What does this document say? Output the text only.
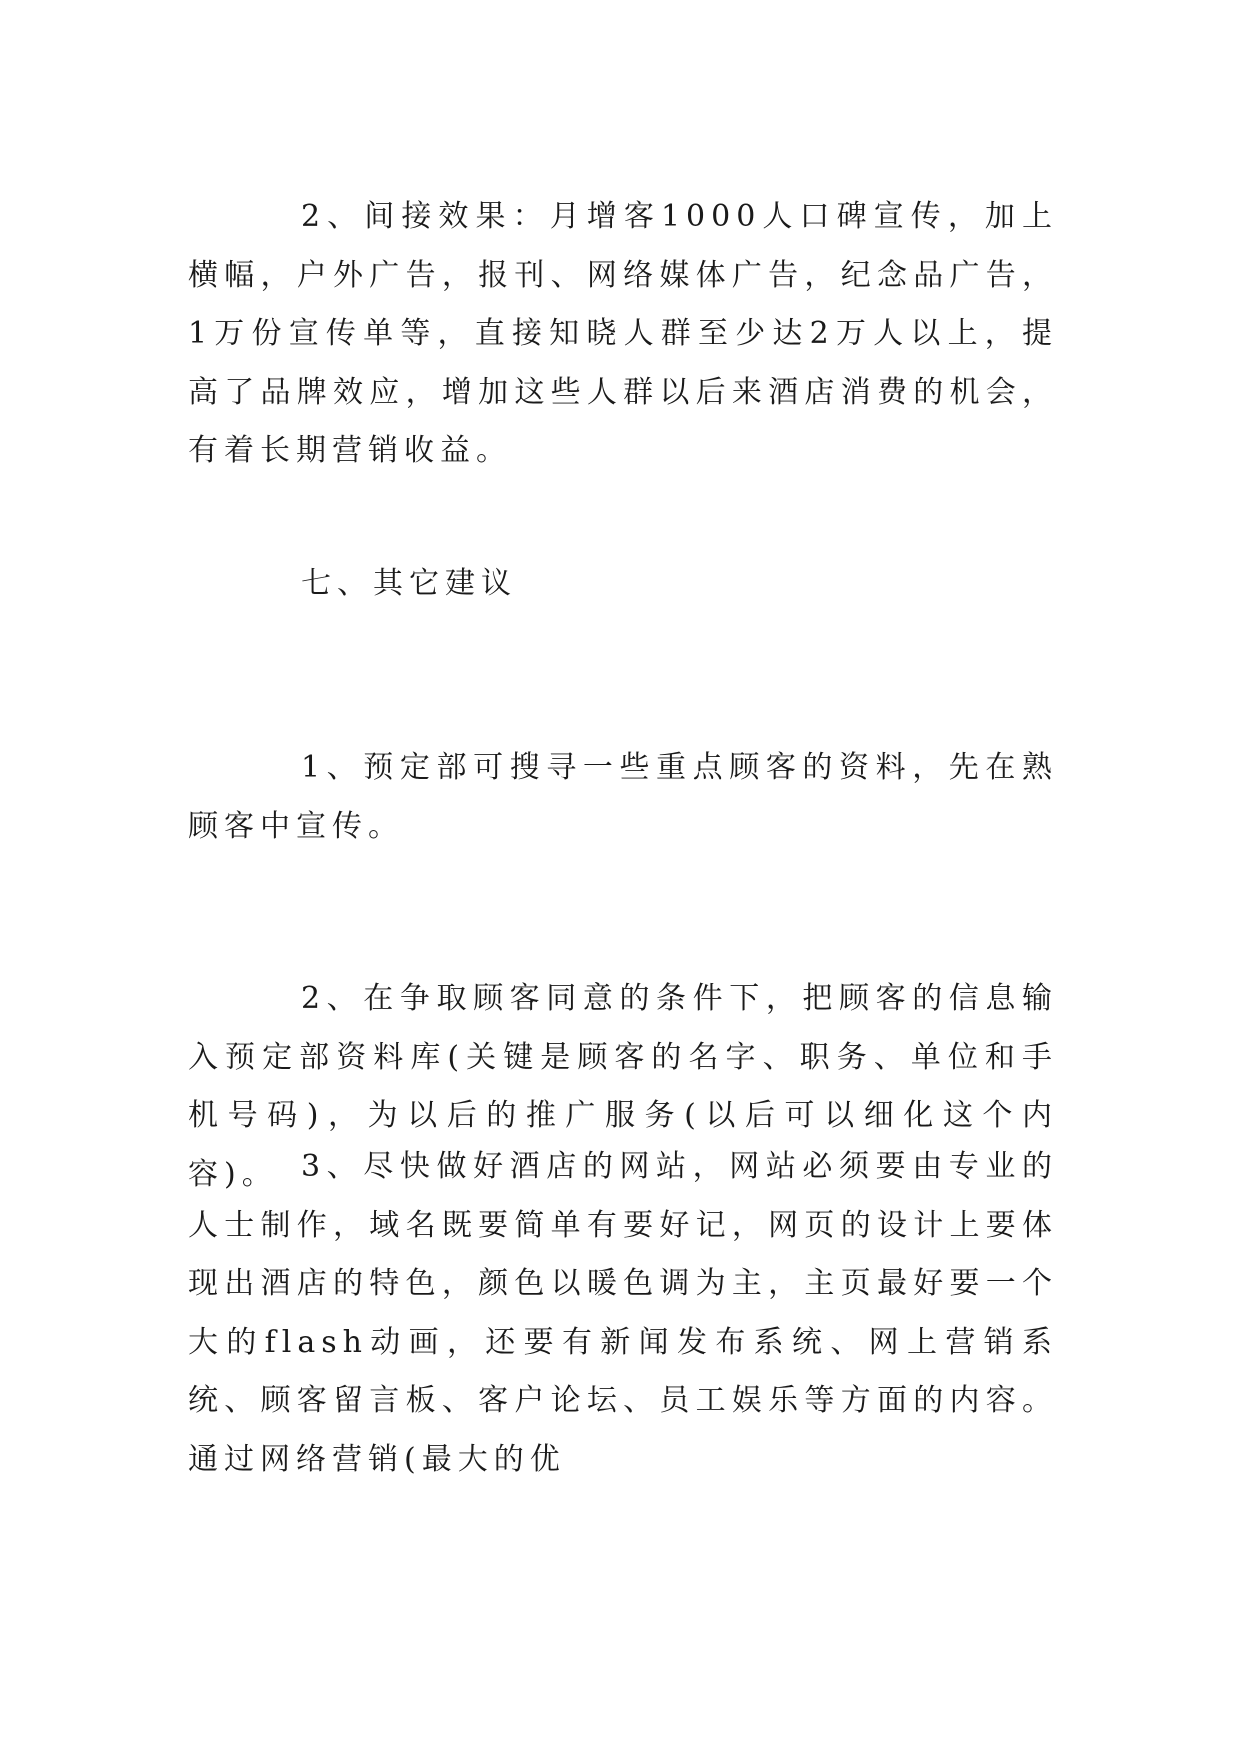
2、间接效果：月增客1000人口碑宣传，加上横幅，户外广告，报刊、网络媒体广告，纪念品广告，1万份宣传单等，直接知晓人群至少达2万人以上，提高了品牌效应，增加这些人群以后来酒店消费的机会，有着长期营销收益。

七、其它建议

1、预定部可搜寻一些重点顾客的资料，先在熟顾客中宣传。

2、在争取顾客同意的条件下，把顾客的信息输入预定部资料库(关键是顾客的名字、职务、单位和手机号码)，为以后的推广服务(以后可以细化这个内容)。 3、尽快做好酒店的网站，网站必须要由专业的人士制作，域名既要简单有要好记，网页的设计上要体现出酒店的特色，颜色以暖色调为主，主页最好要一个大的flash动画，还要有新闻发布系统、网上营销系统、顾客留言板、客户论坛、员工娱乐等方面的内容。通过网络营销(最大的优
